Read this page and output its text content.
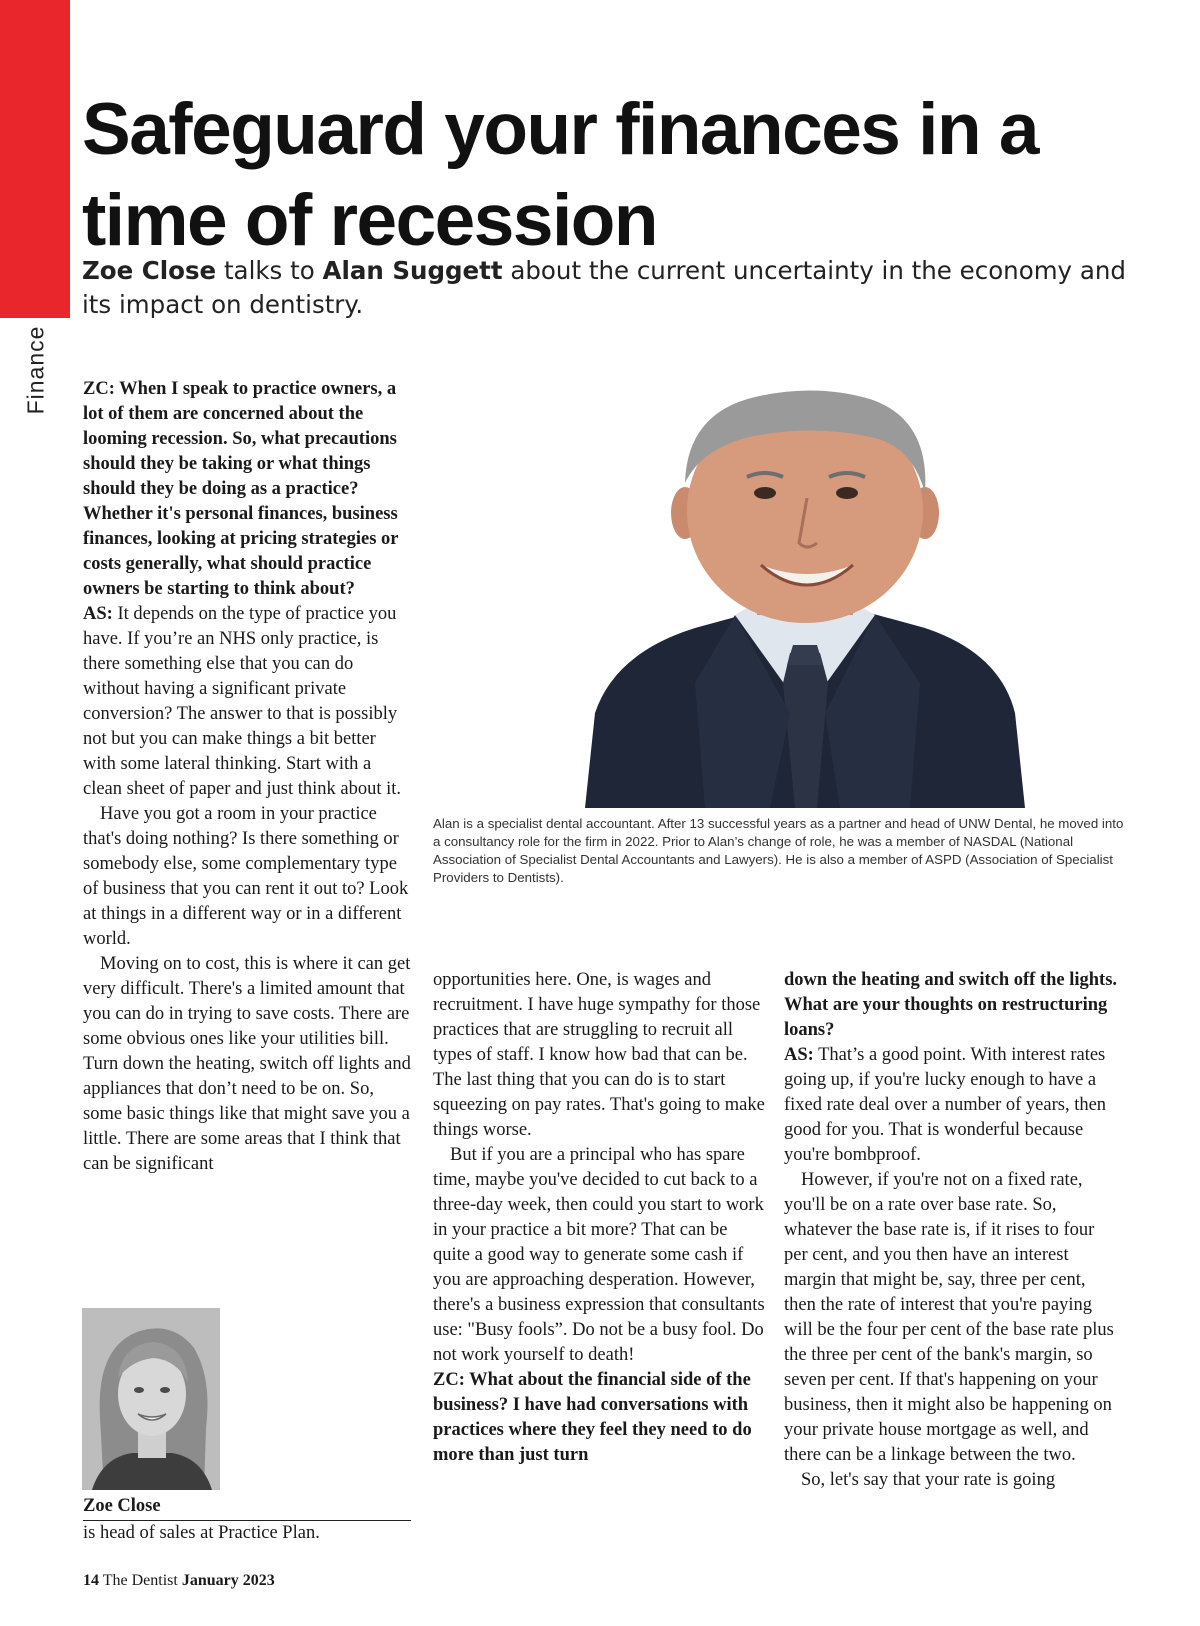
Finance
Safeguard your finances in a time of recession

Zoe Close talks to Alan Suggett about the current uncertainty in the economy and its impact on dentistry.

ZC: When I speak to practice owners, a lot of them are concerned about the looming recession. So, what precautions should they be taking or what things should they be doing as a practice? Whether it's personal finances, business finances, looking at pricing strategies or costs generally, what should practice owners be starting to think about?

AS: It depends on the type of practice you have. If you’re an NHS only practice, is there something else that you can do without having a significant private conversion? The answer to that is possibly not but you can make things a bit better with some lateral thinking. Start with a clean sheet of paper and just think about it.

Have you got a room in your practice that's doing nothing? Is there something or somebody else, some complementary type of business that you can rent it out to? Look at things in a different way or in a different world.

Moving on to cost, this is where it can get very difficult. There's a limited amount that you can do in trying to save costs. There are some obvious ones like your utilities bill. Turn down the heating, switch off lights and appliances that don’t need to be on. So, some basic things like that might save you a little. There are some areas that I think that can be significant

Alan is a specialist dental accountant. After 13 successful years as a partner and head of UNW Dental, he moved into a consultancy role for the firm in 2022. Prior to Alan’s change of role, he was a member of NASDAL (National Association of Specialist Dental Accountants and Lawyers). He is also a member of ASPD (Association of Specialist Providers to Dentists).

opportunities here. One, is wages and recruitment. I have huge sympathy for those practices that are struggling to recruit all types of staff. I know how bad that can be. The last thing that you can do is to start squeezing on pay rates. That's going to make things worse.

But if you are a principal who has spare time, maybe you've decided to cut back to a three-day week, then could you start to work in your practice a bit more? That can be quite a good way to generate some cash if you are approaching desperation. However, there's a business expression that consultants use: "Busy fools”. Do not be a busy fool. Do not work yourself to death!

ZC: What about the financial side of the business? I have had conversations with practices where they feel they need to do more than just turn

down the heating and switch off the lights. What are your thoughts on restructuring loans?

AS: That’s a good point. With interest rates going up, if you're lucky enough to have a fixed rate deal over a number of years, then good for you. That is wonderful because you're bombproof.

However, if you're not on a fixed rate, you'll be on a rate over base rate. So, whatever the base rate is, if it rises to four per cent, and you then have an interest margin that might be, say, three per cent, then the rate of interest that you're paying will be the four per cent of the base rate plus the three per cent of the bank's margin, so seven per cent. If that's happening on your business, then it might also be happening on your private house mortgage as well, and there can be a linkage between the two.

So, let's say that your rate is going

Zoe Close
is head of sales at Practice Plan.
14 The Dentist January 2023
